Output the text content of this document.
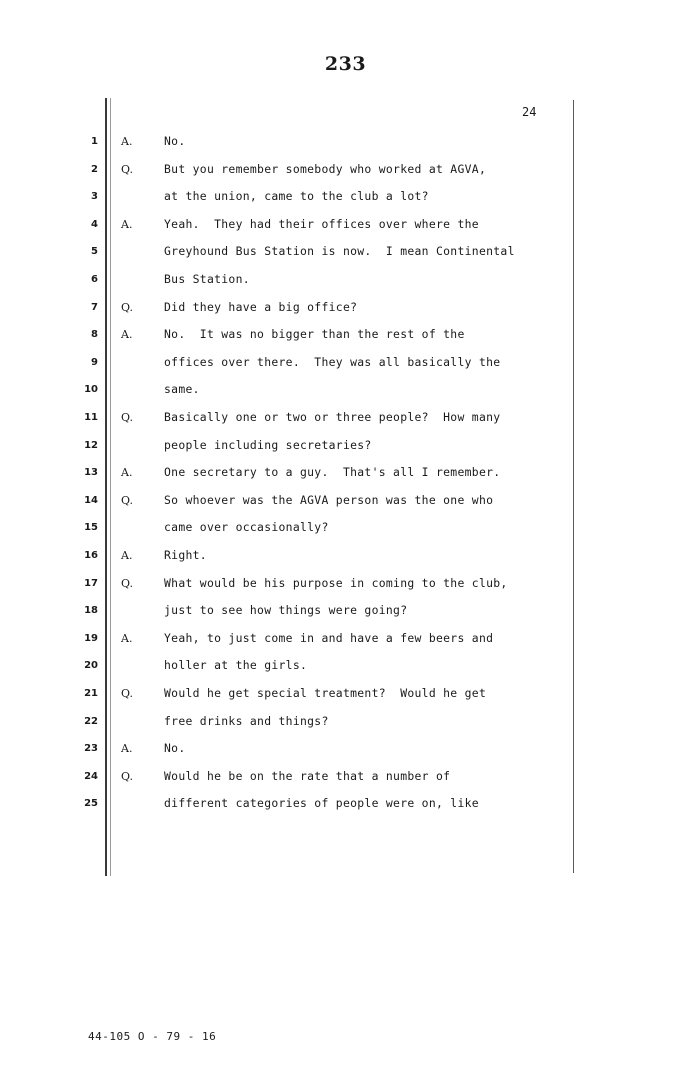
233
24
1 A.	No.
2 Q.	But you remember somebody who worked at AGVA,
3	at the union, came to the club a lot?
4 A.	Yeah.  They had their offices over where the
5	Greyhound Bus Station is now.  I mean Continental
6	Bus Station.
7 Q.	Did they have a big office?
8 A.	No.  It was no bigger than the rest of the
9	offices over there.  They was all basically the
10	same.
11 Q.	Basically one or two or three people?  How many
12	people including secretaries?
13 A.	One secretary to a guy.  That's all I remember.
14 Q.	So whoever was the AGVA person was the one who
15	came over occasionally?
16 A.	Right.
17 Q.	What would be his purpose in coming to the club,
18	just to see how things were going?
19 A.	Yeah, to just come in and have a few beers and
20	holler at the girls.
21 Q.	Would he get special treatment?  Would he get
22	free drinks and things?
23 A.	No.
24 Q.	Would he be on the rate that a number of
25	different categories of people were on, like
44-105 O - 79 - 16
